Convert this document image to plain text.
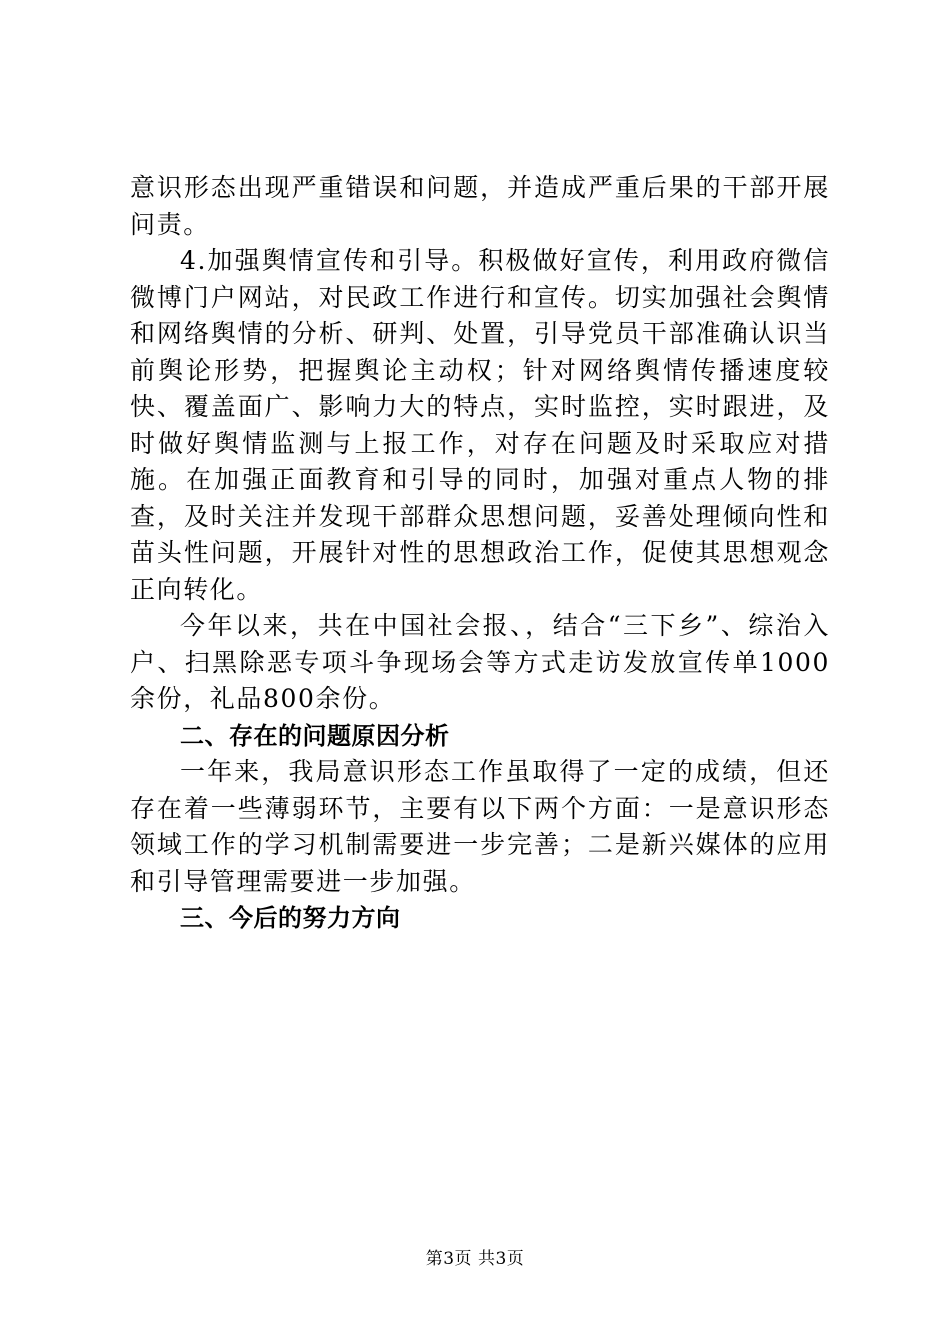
意识形态出现严重错误和问题，并造成严重后果的干部开展问责。

4.加强舆情宣传和引导。积极做好宣传，利用政府微信微博门户网站，对民政工作进行和宣传。切实加强社会舆情和网络舆情的分析、研判、处置，引导党员干部准确认识当前舆论形势，把握舆论主动权；针对网络舆情传播速度较快、覆盖面广、影响力大的特点，实时监控，实时跟进，及时做好舆情监测与上报工作，对存在问题及时采取应对措施。在加强正面教育和引导的同时，加强对重点人物的排查，及时关注并发现干部群众思想问题，妥善处理倾向性和苗头性问题，开展针对性的思想政治工作，促使其思想观念正向转化。

今年以来，共在中国社会报、，结合“三下乡”、综治入户、扫黑除恶专项斗争现场会等方式走访发放宣传单1000余份，礼品800余份。

二、存在的问题原因分析

一年来，我局意识形态工作虽取得了一定的成绩，但还存在着一些薄弱环节，主要有以下两个方面：一是意识形态领域工作的学习机制需要进一步完善；二是新兴媒体的应用和引导管理需要进一步加强。

三、今后的努力方向

第3页 共3页
